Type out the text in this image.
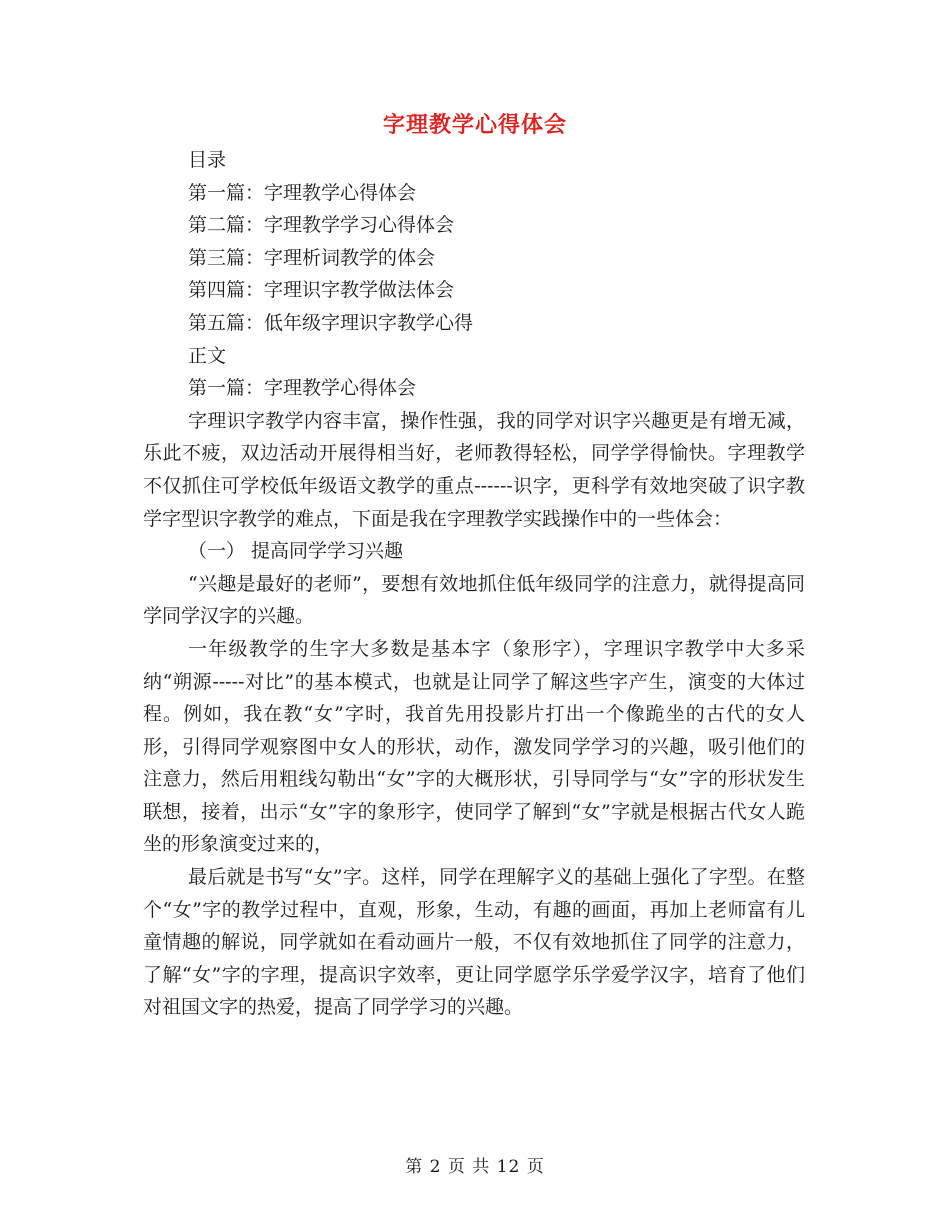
字理教学心得体会
目录
第一篇：字理教学心得体会
第二篇：字理教学学习心得体会
第三篇：字理析词教学的体会
第四篇：字理识字教学做法体会
第五篇：低年级字理识字教学心得
正文
第一篇：字理教学心得体会
字理识字教学内容丰富，操作性强，我的同学对识字兴趣更是有增无减，乐此不疲，双边活动开展得相当好，老师教得轻松，同学学得愉快。字理教学不仅抓住可学校低年级语文教学的重点------识字，更科学有效地突破了识字教学字型识字教学的难点，下面是我在字理教学实践操作中的一些体会：
（一） 提高同学学习兴趣
“兴趣是最好的老师”，要想有效地抓住低年级同学的注意力，就得提高同学同学汉字的兴趣。
一年级教学的生字大多数是基本字（象形字），字理识字教学中大多采纳“朔源-----对比”的基本模式，也就是让同学了解这些字产生，演变的大体过程。例如，我在教“女”字时，我首先用投影片打出一个像跪坐的古代的女人形，引得同学观察图中女人的形状，动作，激发同学学习的兴趣，吸引他们的注意力，然后用粗线勾勒出“女”字的大概形状，引导同学与“女”字的形状发生联想，接着，出示“女”字的象形字，使同学了解到“女”字就是根据古代女人跪坐的形象演变过来的，
最后就是书写“女”字。这样，同学在理解字义的基础上强化了字型。在整个“女”字的教学过程中，直观，形象，生动，有趣的画面，再加上老师富有儿童情趣的解说，同学就如在看动画片一般，不仅有效地抓住了同学的注意力，了解“女”字的字理，提高识字效率，更让同学愿学乐学爱学汉字，培育了他们对祖国文字的热爱，提高了同学学习的兴趣。
第 2 页 共 12 页
